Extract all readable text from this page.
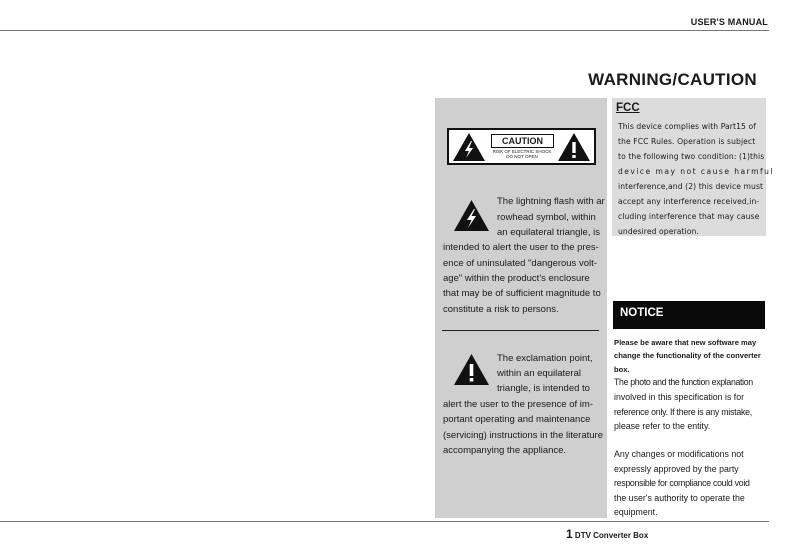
USER'S MANUAL
WARNING/CAUTION
CAUTION
RISK OF ELECTRIC SHOCK
DO NOT OPEN
The lightning flash with ar
rowhead symbol, within
an equilateral triangle, is
intended to alert the user to the pres-
ence of uninsulated "dangerous volt-
age" within the product's enclosure
that may be of sufficient magnitude to
constitute a risk to persons.
The exclamation point,
within an equilateral
triangle, is intended to
alert the user to the presence of im-
portant operating and maintenance
(servicing) instructions in the literature
accompanying the appliance.
FCC
This device complies with Part15 of
the FCC Rules. Operation is subject
to the following two condition: (1)this
device may not cause harmful
interference,and (2) this device must
accept any interference received,in-
cluding interference that may cause
undesired operation.
NOTICE
Please be aware that new software may
change the functionality of the converter
box.
The photo and the function explanation
involved in this specification is for
reference only. If there is any mistake,
please refer to the entity.
Any changes or modifications not
expressly approved by the party
responsible for compliance could void
the user's authority to operate the
equipment.
1 DTV Converter Box
